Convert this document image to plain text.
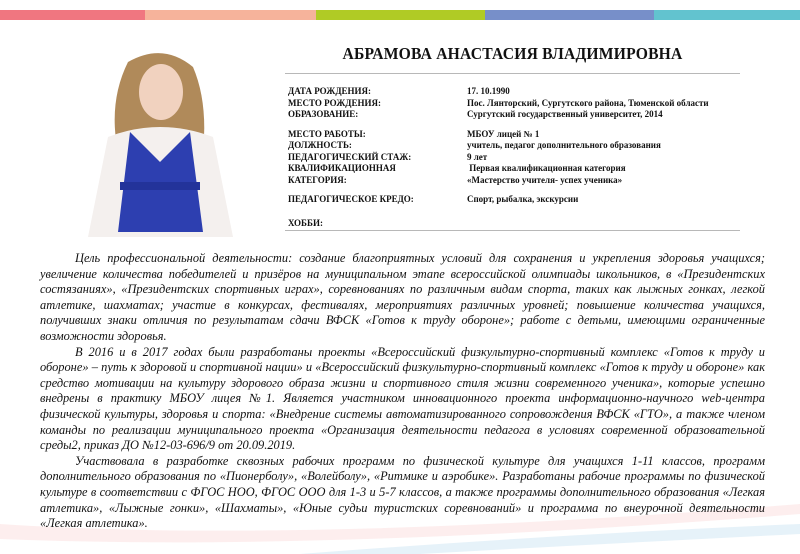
АБРАМОВА АНАСТАСИЯ ВЛАДИМИРОВНА
ДАТА РОЖДЕНИЯ:	17. 10.1990
МЕСТО РОЖДЕНИЯ:	Пос. Лянторский, Сургутского района, Тюменской области
ОБРАЗОВАНИЕ:	Сургутский государственный университет, 2014
МЕСТО РАБОТЫ:	МБОУ лицей № 1
ДОЛЖНОСТЬ:	учитель, педагог дополнительного образования
ПЕДАГОГИЧЕСКИЙ СТАЖ:	9 лет
КВАЛИФИКАЦИОННАЯ	Первая квалификационная категория
КАТЕГОРИЯ:	«Мастерство учителя- успех ученика»
ПЕДАГОГИЧЕСКОЕ КРЕДО:	Спорт, рыбалка, экскурсии
ХОББИ:

Цель профессиональной деятельности: создание благоприятных условий для сохранения и укрепления здоровья учащихся; увеличение количества победителей и призёров на муниципальном этапе всероссийской олимпиады школьников, в «Президентских состязаниях», «Президентских спортивных играх», соревнованиях по различным видам спорта, таких как лыжных гонках, легкой атлетике, шахматах; участие в конкурсах, фестивалях, мероприятиях различных уровней; повышение количества учащихся, получивших знаки отличия по результатам сдачи ВФСК «Готов к труду обороне»; работе с детьми, имеющими ограниченные возможности здоровья.

В 2016 и в 2017 годах были разработаны проекты «Всероссийский физкультурно-спортивный комплекс «Готов к труду и обороне» – путь к здоровой и спортивной нации» и «Всероссийский физкультурно-спортивный комплекс «Готов к труду и обороне» как средство мотивации на культуру здорового образа жизни и спортивного стиля жизни современного ученика», которые успешно внедрены в практику МБОУ лицея №1. Является участником инновационного проекта информационно-научного web-центра физической культуры, здоровья и спорта: «Внедрение системы автоматизированного сопровождения ВФСК «ГТО», а также членом команды по реализации муниципального проекта «Организация деятельности педагога в условиях современной образовательной среды2, приказ ДО №12-03-696/9 от 20.09.2019.

Участвовала в разработке сквозных рабочих программ по физической культуре для учащихся 1-11 классов, программ дополнительного образования по «Пионерболу», «Волейболу», «Ритмике и аэробике». Разработаны рабочие программы по физической культуре в соответствии с ФГОС НОО, ФГОС ООО для 1-3 и 5-7 классов, а также программы дополнительного образования «Легкая атлетика», «Лыжные гонки», «Шахматы», «Юные судьи туристских соревнований» и программа по внеурочной деятельности «Легкая атлетика».
